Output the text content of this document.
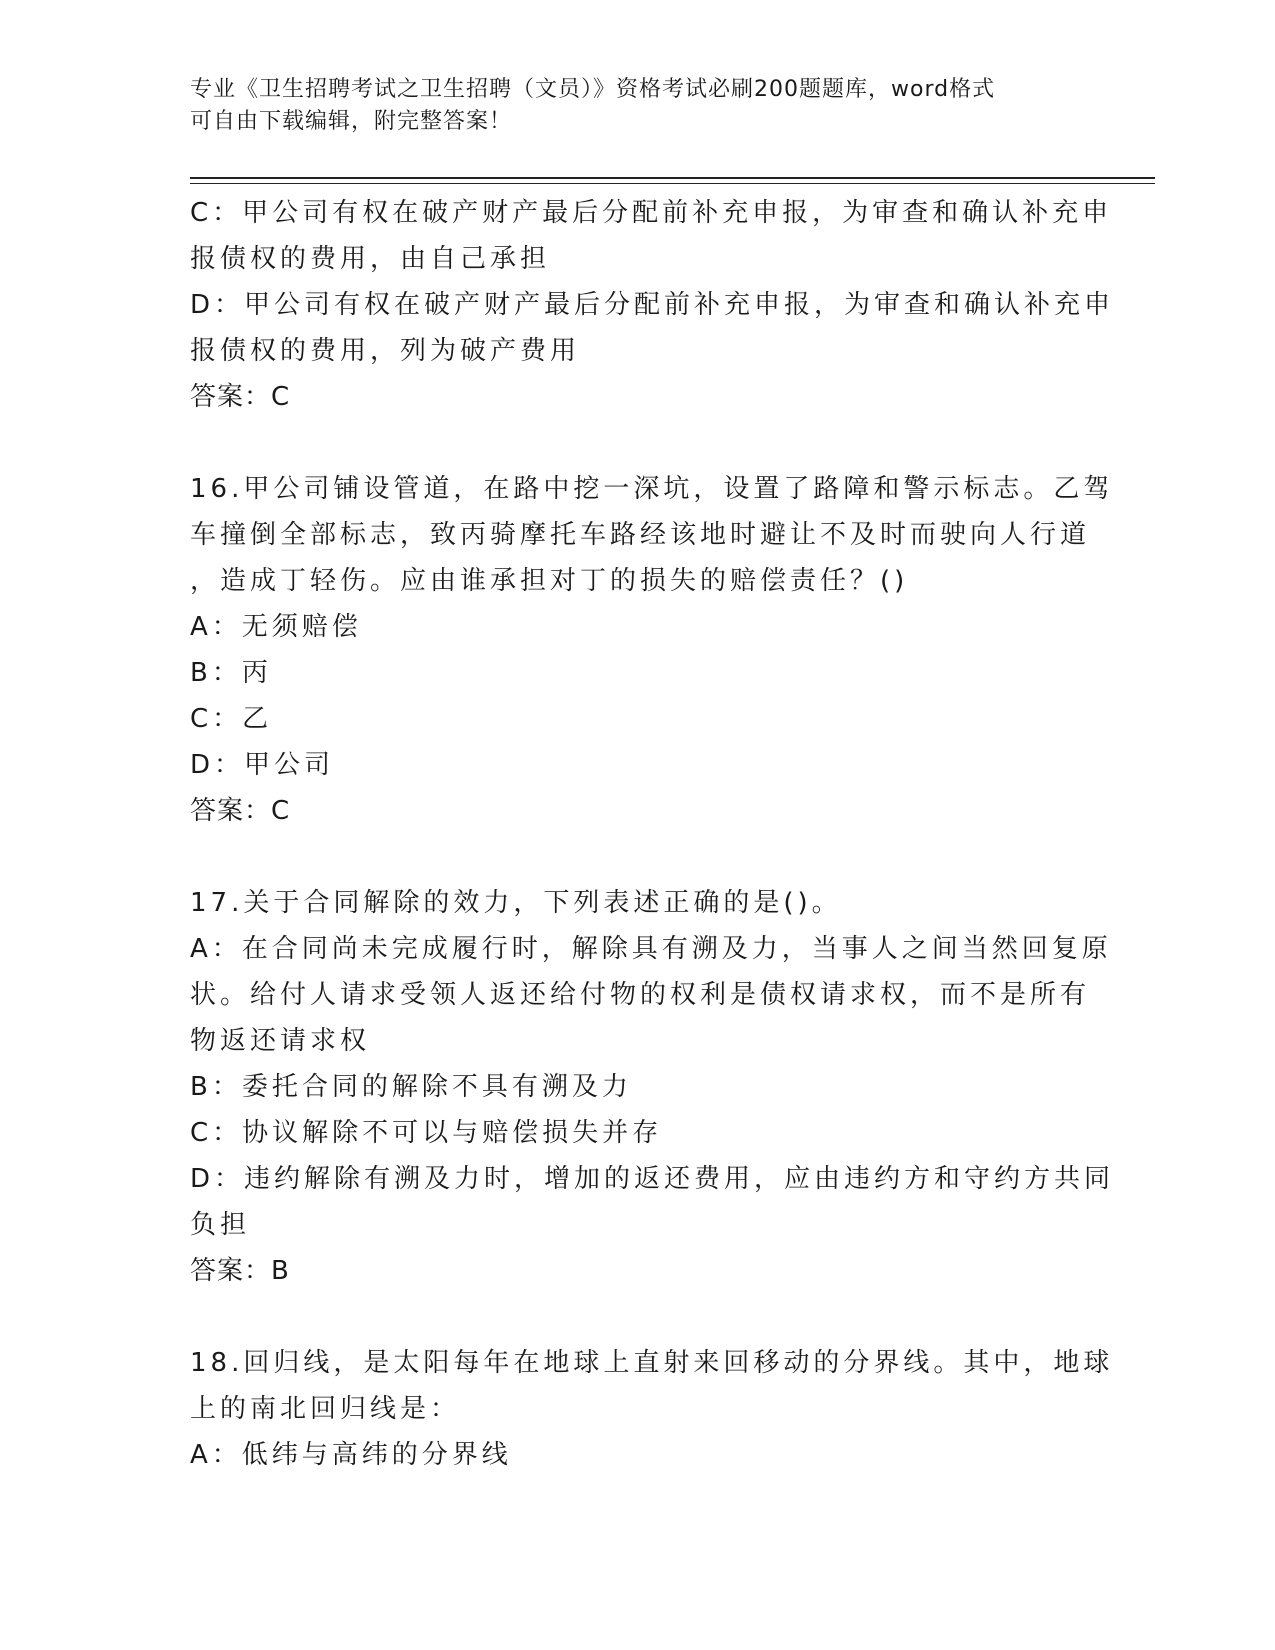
专业《卫生招聘考试之卫生招聘（文员）》资格考试必刷200题题库，word格式
可自由下载编辑，附完整答案！
C：甲公司有权在破产财产最后分配前补充申报，为审查和确认补充申
报债权的费用，由自己承担
D：甲公司有权在破产财产最后分配前补充申报，为审查和确认补充申
报债权的费用，列为破产费用
答案：C
16.甲公司铺设管道，在路中挖一深坑，设置了路障和警示标志。乙驾
车撞倒全部标志，致丙骑摩托车路经该地时避让不及时而驶向人行道
，造成丁轻伤。应由谁承担对丁的损失的赔偿责任？()
A：无须赔偿
B：丙
C：乙
D：甲公司
答案：C
17.关于合同解除的效力，下列表述正确的是()。
A：在合同尚未完成履行时，解除具有溯及力，当事人之间当然回复原
状。给付人请求受领人返还给付物的权利是债权请求权，而不是所有
物返还请求权
B：委托合同的解除不具有溯及力
C：协议解除不可以与赔偿损失并存
D：违约解除有溯及力时，增加的返还费用，应由违约方和守约方共同
负担
答案：B
18.回归线，是太阳每年在地球上直射来回移动的分界线。其中，地球
上的南北回归线是：
A：低纬与高纬的分界线
